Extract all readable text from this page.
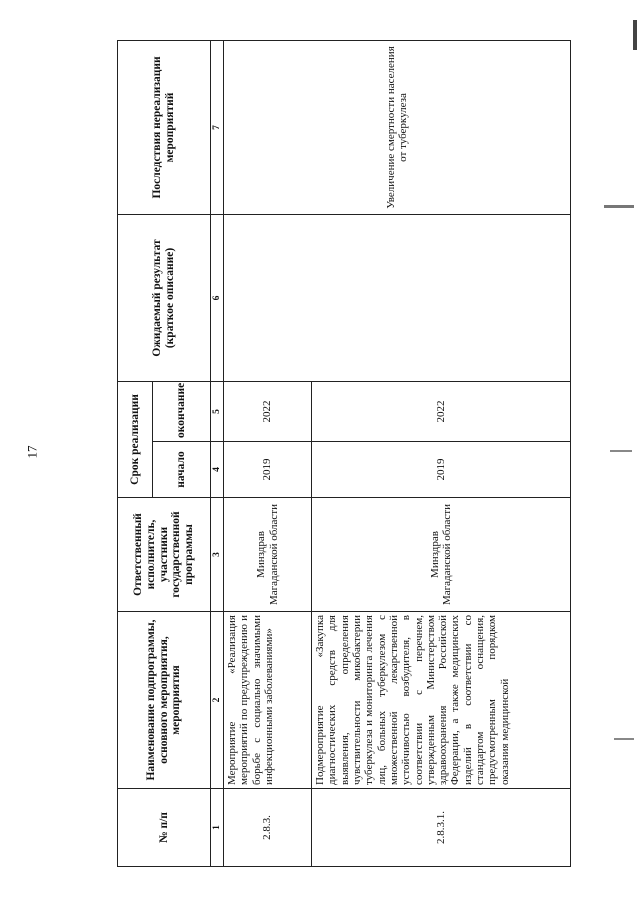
17
№ п/п	Наименование подпрограммы, основного мероприятия, мероприятия	Ответственный исполнитель, участники государственной программы	Срок реализации		Ожидаемый результат (краткое описание)	Последствия нереализации мероприятий
			начало	окончание		
1	2	3	4	5	6	7
2.8.3.	Мероприятие «Реализация мероприятий по предупреждению и борьбе с социально значимыми инфекционными заболеваниями»	Минздрав Магаданской области	2019	2022		Увеличение смертности населения от туберкулеза
2.8.3.1.	Подмероприятие «Закупка диагностических средств для выявления, определения чувствительности микобактерии туберкулеза и мониторинга лечения лиц, больных туберкулезом с множественной лекарственной устойчивостью возбудителя, в соответствии с перечнем, утвержденным Министерством здравоохранения Российской Федерации, а также медицинских изделий в соответствии со стандартом оснащения, предусмотренным порядком оказания медицинской	Минздрав Магаданской области	2019	2022		
